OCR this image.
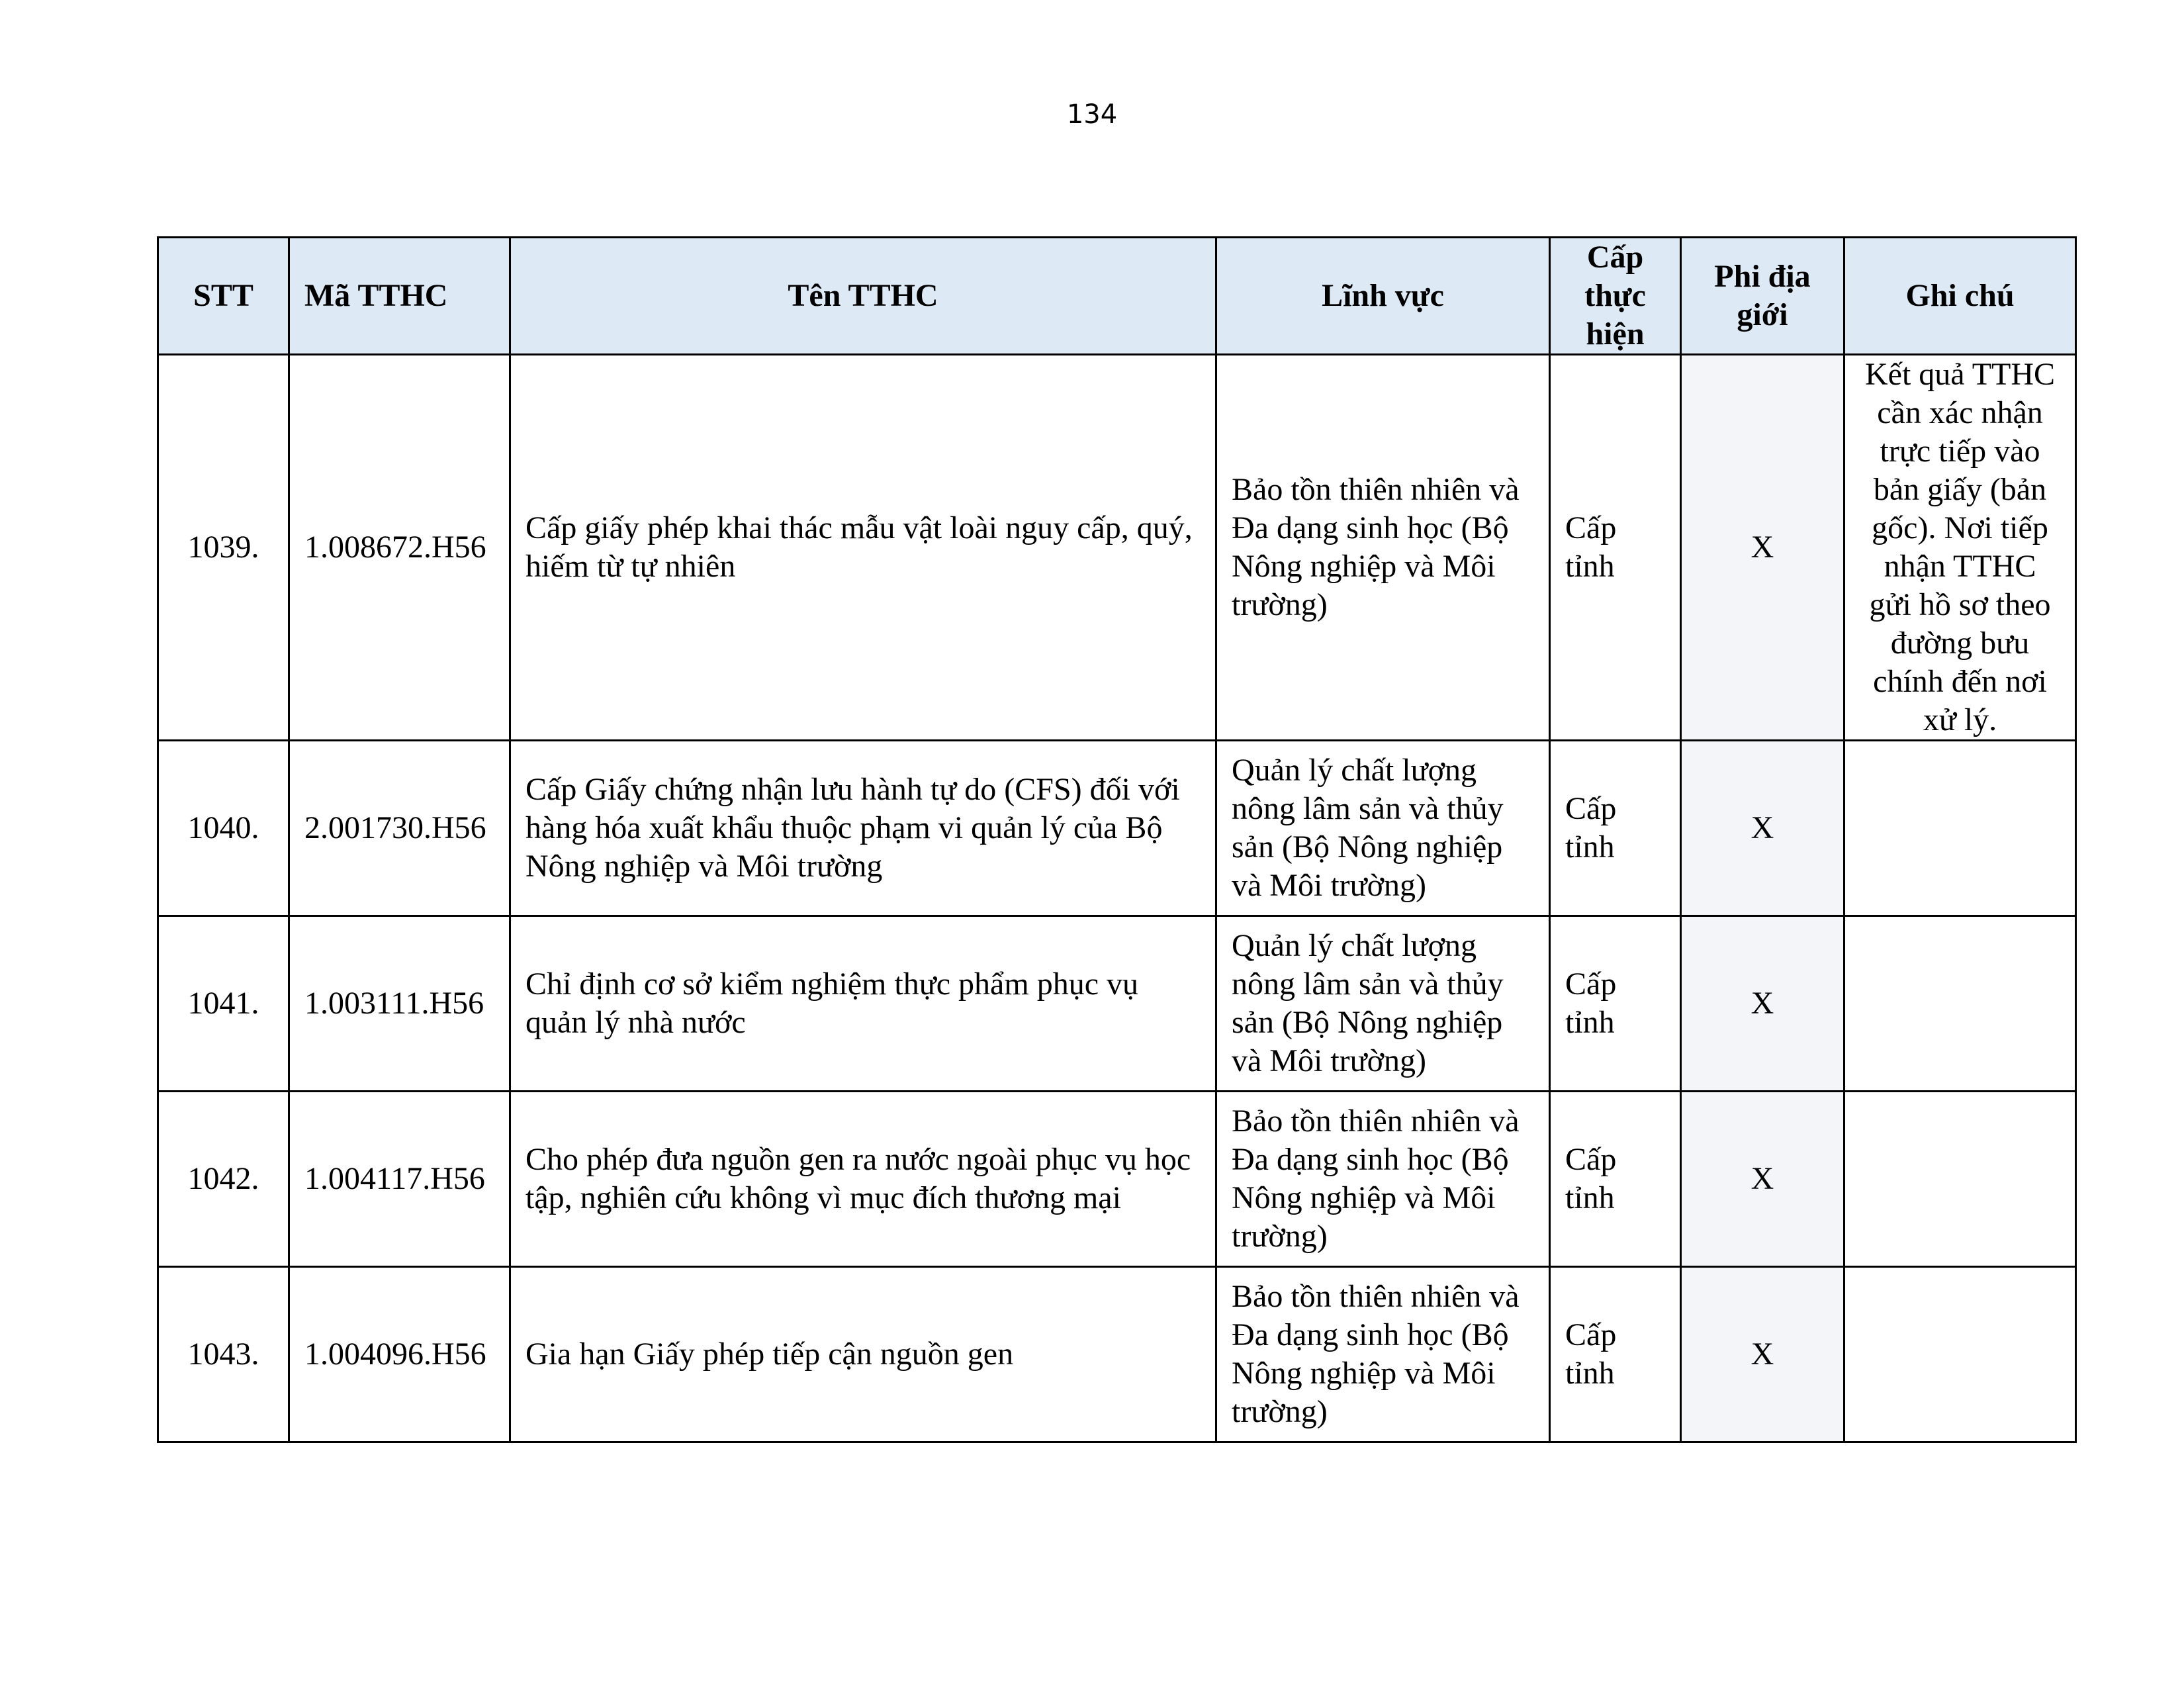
134
STT	Mã TTHC	Tên TTHC	Lĩnh vực	Cấp thực hiện	Phi địa giới	Ghi chú
1039.	1.008672.H56	Cấp giấy phép khai thác mẫu vật loài nguy cấp, quý, hiếm từ tự nhiên	Bảo tồn thiên nhiên và Đa dạng sinh học (Bộ Nông nghiệp và Môi trường)	Cấp tỉnh	X	Kết quả TTHC cần xác nhận trực tiếp vào bản giấy (bản gốc). Nơi tiếp nhận TTHC gửi hồ sơ theo đường bưu chính đến nơi xử lý.
1040.	2.001730.H56	Cấp Giấy chứng nhận lưu hành tự do (CFS) đối với hàng hóa xuất khẩu thuộc phạm vi quản lý của Bộ Nông nghiệp và Môi trường	Quản lý chất lượng nông lâm sản và thủy sản (Bộ Nông nghiệp và Môi trường)	Cấp tỉnh	X	
1041.	1.003111.H56	Chỉ định cơ sở kiểm nghiệm thực phẩm phục vụ quản lý nhà nước	Quản lý chất lượng nông lâm sản và thủy sản (Bộ Nông nghiệp và Môi trường)	Cấp tỉnh	X	
1042.	1.004117.H56	Cho phép đưa nguồn gen ra nước ngoài phục vụ học tập, nghiên cứu không vì mục đích thương mại	Bảo tồn thiên nhiên và Đa dạng sinh học (Bộ Nông nghiệp và Môi trường)	Cấp tỉnh	X	
1043.	1.004096.H56	Gia hạn Giấy phép tiếp cận nguồn gen	Bảo tồn thiên nhiên và Đa dạng sinh học (Bộ Nông nghiệp và Môi trường)	Cấp tỉnh	X	
